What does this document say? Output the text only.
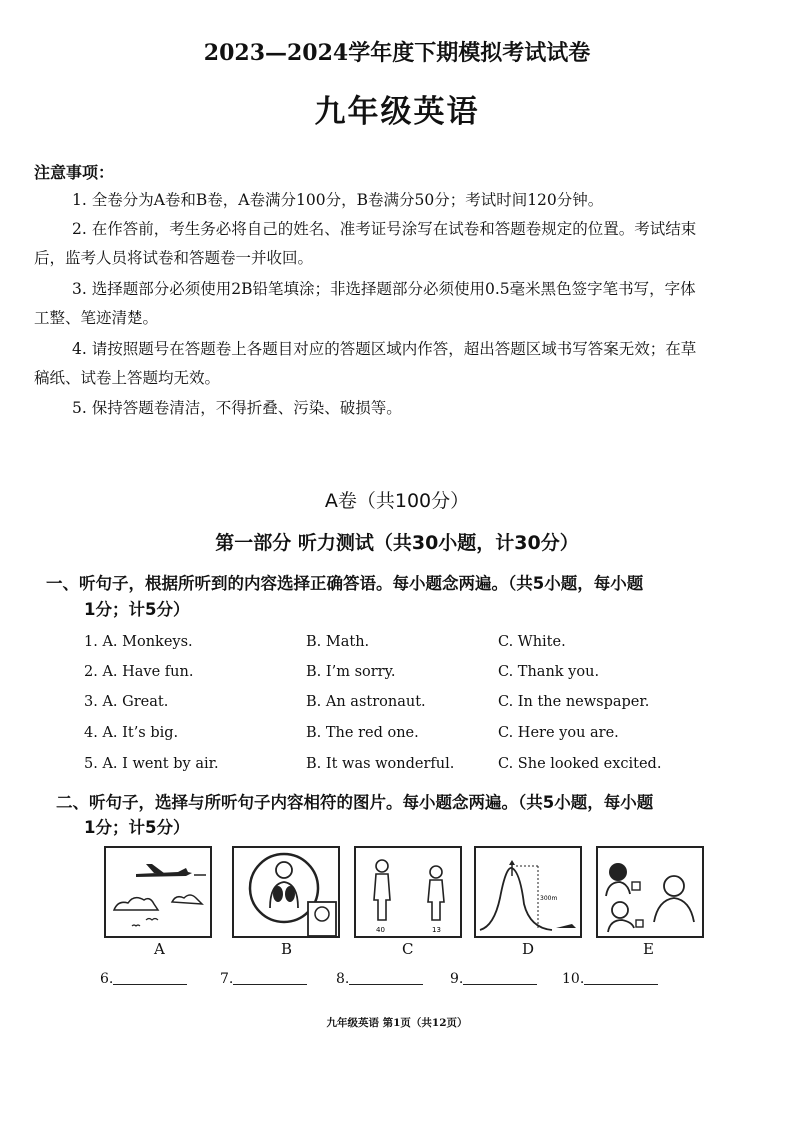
2023—2024学年度下期模拟考试试卷
九年级英语
注意事项：
1. 全卷分为A卷和B卷，A卷满分100分，B卷满分50分；考试时间120分钟。
2. 在作答前，考生务必将自己的姓名、准考证号涂写在试卷和答题卷规定的位置。考试结束
后，监考人员将试卷和答题卷一并收回。
3. 选择题部分必须使用2B铅笔填涂；非选择题部分必须使用0.5毫米黑色签字笔书写，字体
工整、笔迹清楚。
4. 请按照题号在答题卷上各题目对应的答题区域内作答，超出答题区域书写答案无效；在草
稿纸、试卷上答题均无效。
5. 保持答题卷清洁，不得折叠、污染、破损等。
A卷（共100分）
第一部分 听力测试（共30小题，计30分）
一、听句子，根据所听到的内容选择正确答语。每小题念两遍。（共5小题，每小题
1分；计5分）
1. A. Monkeys.	B. Math.	C. White.
2. A. Have fun.	B. I’m sorry.	C. Thank you.
3. A. Great.	B. An astronaut.	C. In the newspaper.
4. A. It’s big.	B. The red one.	C. Here you are.
5. A. I went by air.	B. It was wonderful.	C. She looked excited.
二、听句子，选择与所听句子内容相符的图片。每小题念两遍。（共5小题，每小题
1分；计5分）
40	13
300m
A	B	C	D	E
6.	7.	8.	9.	10.
九年级英语 第1页（共12页）
